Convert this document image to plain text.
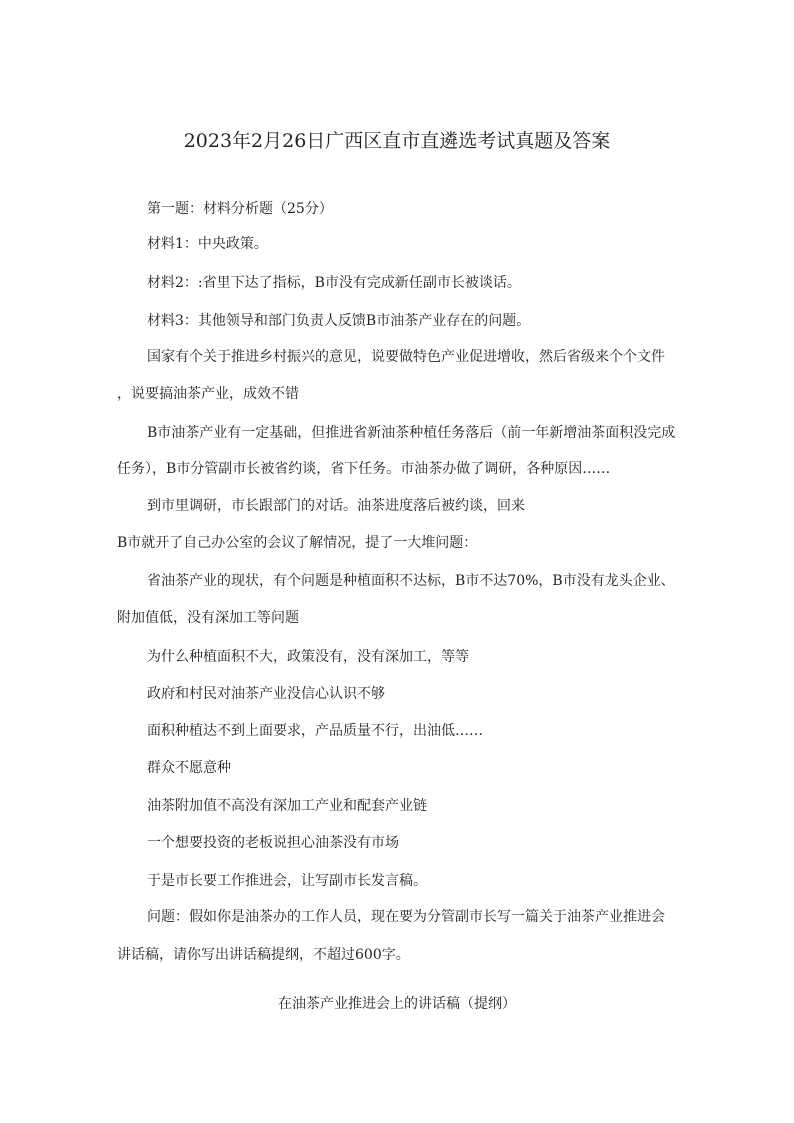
2023年2月26日广西区直市直遴选考试真题及答案
第一题：材料分析题（25分）
材料1：中央政策。
材料2：:省里下达了指标，B市没有完成新任副市长被谈话。
材料3：其他领导和部门负责人反馈B市油茶产业存在的问题。
国家有个关于推进乡村振兴的意见，说要做特色产业促进增收，然后省级来个个文件
，说要搞油茶产业，成效不错
B市油茶产业有一定基础，但推进省新油茶种植任务落后（前一年新增油茶面积没完成
任务），B市分管副市长被省约谈，省下任务。市油茶办做了调研，各种原因……
到市里调研，市长跟部门的对话。油茶进度落后被约谈，回来
B市就开了自己办公室的会议了解情况，提了一大堆问题：
省油茶产业的现状，有个问题是种植面积不达标，B市不达70%，B市没有龙头企业、
附加值低，没有深加工等问题
为什么种植面积不大，政策没有，没有深加工，等等
政府和村民对油茶产业没信心认识不够
面积种植达不到上面要求，产品质量不行，出油低……
群众不愿意种
油茶附加值不高没有深加工产业和配套产业链
一个想要投资的老板说担心油茶没有市场
于是市长要工作推进会，让写副市长发言稿。
问题：假如你是油茶办的工作人员，现在要为分管副市长写一篇关于油茶产业推进会
讲话稿，请你写出讲话稿提纲，不超过600字。
在油茶产业推进会上的讲话稿（提纲）
